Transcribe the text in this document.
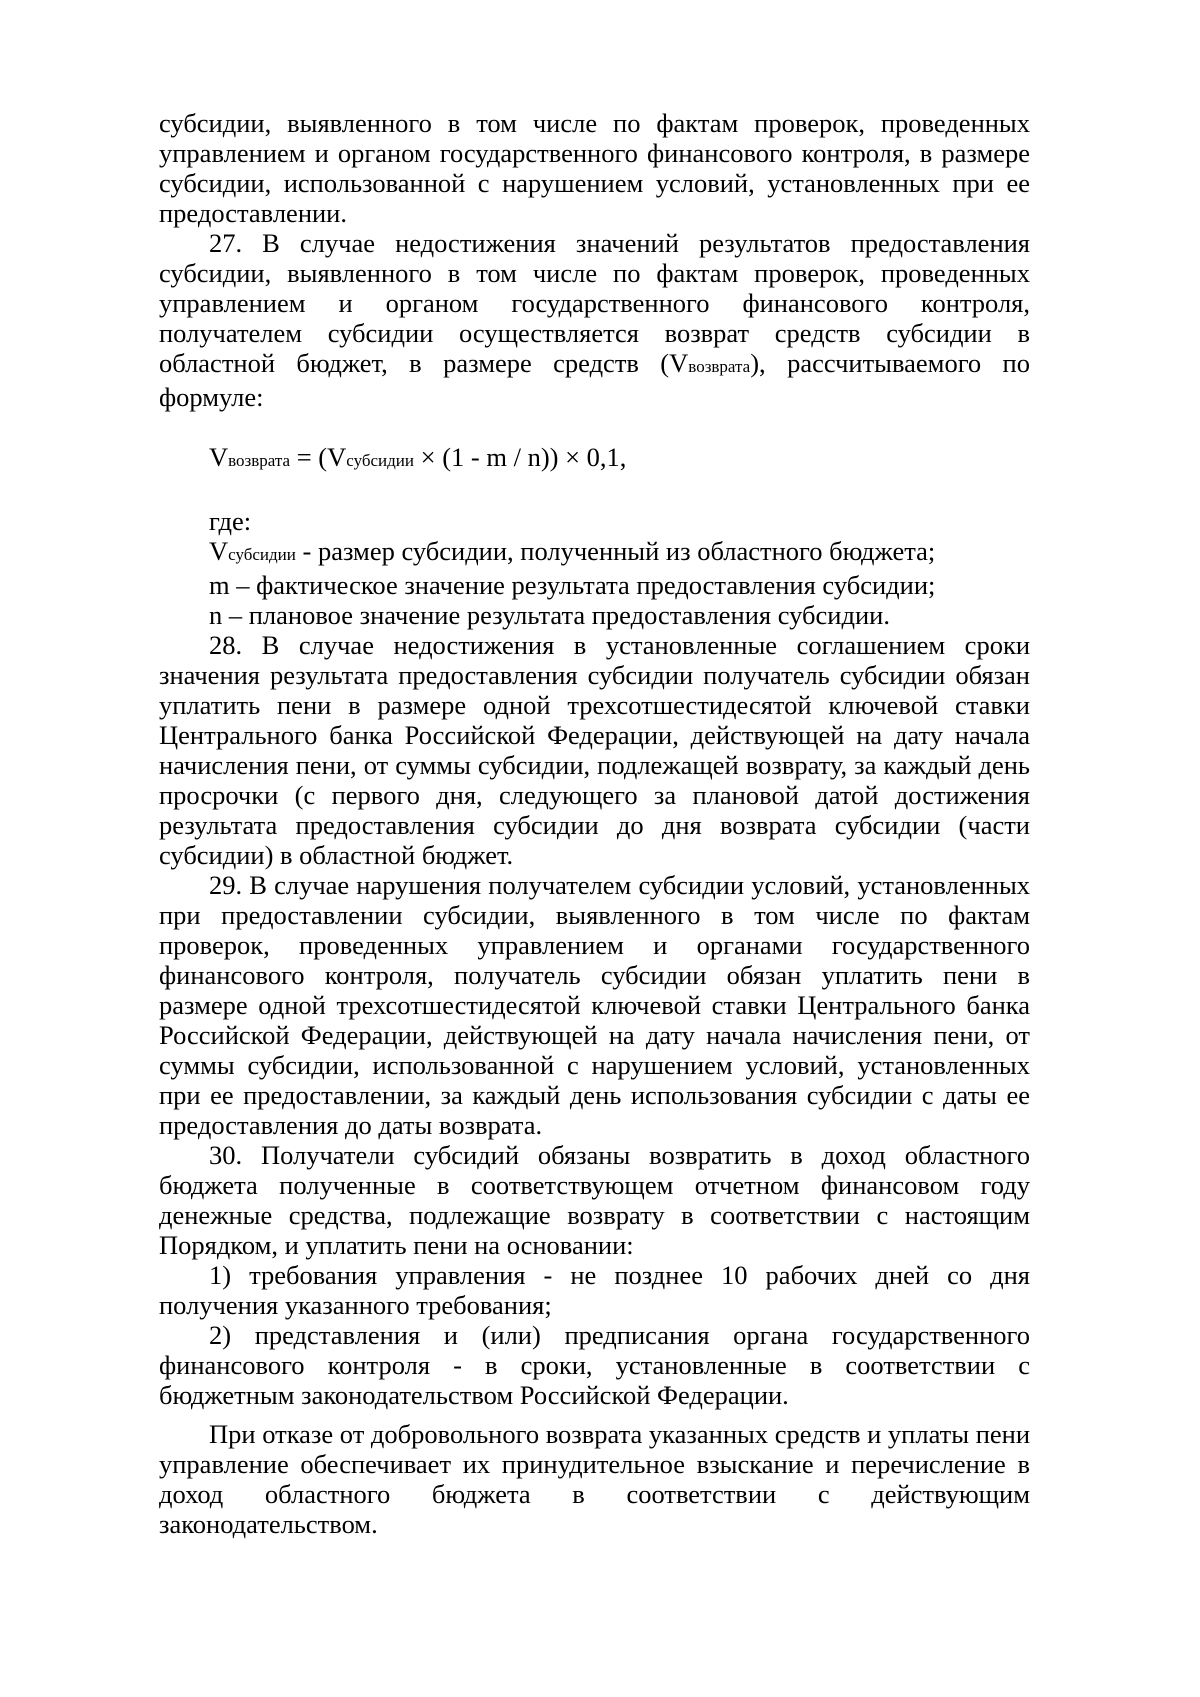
субсидии, выявленного в том числе по фактам проверок, проведенных управлением и органом государственного финансового контроля, в размере субсидии, использованной с нарушением условий, установленных при ее предоставлении.

27. В случае недостижения значений результатов предоставления субсидии, выявленного в том числе по фактам проверок, проведенных управлением и органом государственного финансового контроля, получателем субсидии осуществляется возврат средств субсидии в областной бюджет, в размере средств (Vвозврата), рассчитываемого по формуле:

Vвозврата = (Vсубсидии × (1 - m / n)) × 0,1,

где:

Vсубсидии - размер субсидии, полученный из областного бюджета;

m – фактическое значение результата предоставления субсидии;

n – плановое значение результата предоставления субсидии.

28. В случае недостижения в установленные соглашением сроки значения результата предоставления субсидии получатель субсидии обязан уплатить пени в размере одной трехсотшестидесятой ключевой ставки Центрального банка Российской Федерации, действующей на дату начала начисления пени, от суммы субсидии, подлежащей возврату, за каждый день просрочки (с первого дня, следующего за плановой датой достижения результата предоставления субсидии до дня возврата субсидии (части субсидии) в областной бюджет.

29. В случае нарушения получателем субсидии условий, установленных при предоставлении субсидии, выявленного в том числе по фактам проверок, проведенных управлением и органами государственного финансового контроля, получатель субсидии обязан уплатить пени в размере одной трехсотшестидесятой ключевой ставки Центрального банка Российской Федерации, действующей на дату начала начисления пени, от суммы субсидии, использованной с нарушением условий, установленных при ее предоставлении, за каждый день использования субсидии с даты ее предоставления до даты возврата.

30. Получатели субсидий обязаны возвратить в доход областного бюджета полученные в соответствующем отчетном финансовом году денежные средства, подлежащие возврату в соответствии с настоящим Порядком, и уплатить пени на основании:

1) требования управления - не позднее 10 рабочих дней со дня получения указанного требования;

2) представления и (или) предписания органа государственного финансового контроля - в сроки, установленные в соответствии с бюджетным законодательством Российской Федерации.

При отказе от добровольного возврата указанных средств и уплаты пени управление обеспечивает их принудительное взыскание и перечисление в доход областного бюджета в соответствии с действующим законодательством.
